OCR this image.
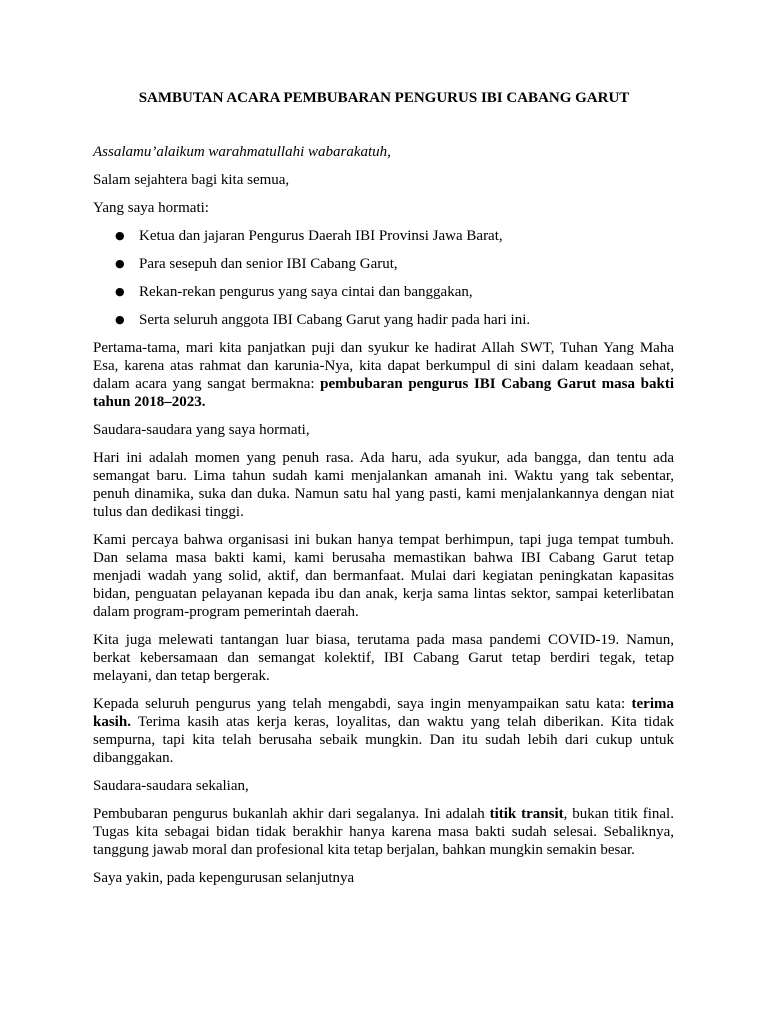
SAMBUTAN ACARA PEMBUBARAN PENGURUS IBI CABANG GARUT

Assalamu’alaikum warahmatullahi wabarakatuh,

Salam sejahtera bagi kita semua,

Yang saya hormati:

● Ketua dan jajaran Pengurus Daerah IBI Provinsi Jawa Barat,
● Para sesepuh dan senior IBI Cabang Garut,
● Rekan-rekan pengurus yang saya cintai dan banggakan,
● Serta seluruh anggota IBI Cabang Garut yang hadir pada hari ini.

Pertama-tama, mari kita panjatkan puji dan syukur ke hadirat Allah SWT, Tuhan Yang Maha Esa, karena atas rahmat dan karunia-Nya, kita dapat berkumpul di sini dalam keadaan sehat, dalam acara yang sangat bermakna: pembubaran pengurus IBI Cabang Garut masa bakti tahun 2018–2023.

Saudara-saudara yang saya hormati,

Hari ini adalah momen yang penuh rasa. Ada haru, ada syukur, ada bangga, dan tentu ada semangat baru. Lima tahun sudah kami menjalankan amanah ini. Waktu yang tak sebentar, penuh dinamika, suka dan duka. Namun satu hal yang pasti, kami menjalankannya dengan niat tulus dan dedikasi tinggi.

Kami percaya bahwa organisasi ini bukan hanya tempat berhimpun, tapi juga tempat tumbuh. Dan selama masa bakti kami, kami berusaha memastikan bahwa IBI Cabang Garut tetap menjadi wadah yang solid, aktif, dan bermanfaat. Mulai dari kegiatan peningkatan kapasitas bidan, penguatan pelayanan kepada ibu dan anak, kerja sama lintas sektor, sampai keterlibatan dalam program-program pemerintah daerah.

Kita juga melewati tantangan luar biasa, terutama pada masa pandemi COVID-19. Namun, berkat kebersamaan dan semangat kolektif, IBI Cabang Garut tetap berdiri tegak, tetap melayani, dan tetap bergerak.

Kepada seluruh pengurus yang telah mengabdi, saya ingin menyampaikan satu kata: terima kasih. Terima kasih atas kerja keras, loyalitas, dan waktu yang telah diberikan. Kita tidak sempurna, tapi kita telah berusaha sebaik mungkin. Dan itu sudah lebih dari cukup untuk dibanggakan.

Saudara-saudara sekalian,

Pembubaran pengurus bukanlah akhir dari segalanya. Ini adalah titik transit, bukan titik final. Tugas kita sebagai bidan tidak berakhir hanya karena masa bakti sudah selesai. Sebaliknya, tanggung jawab moral dan profesional kita tetap berjalan, bahkan mungkin semakin besar.

Saya yakin, pada kepengurusan selanjutnya
